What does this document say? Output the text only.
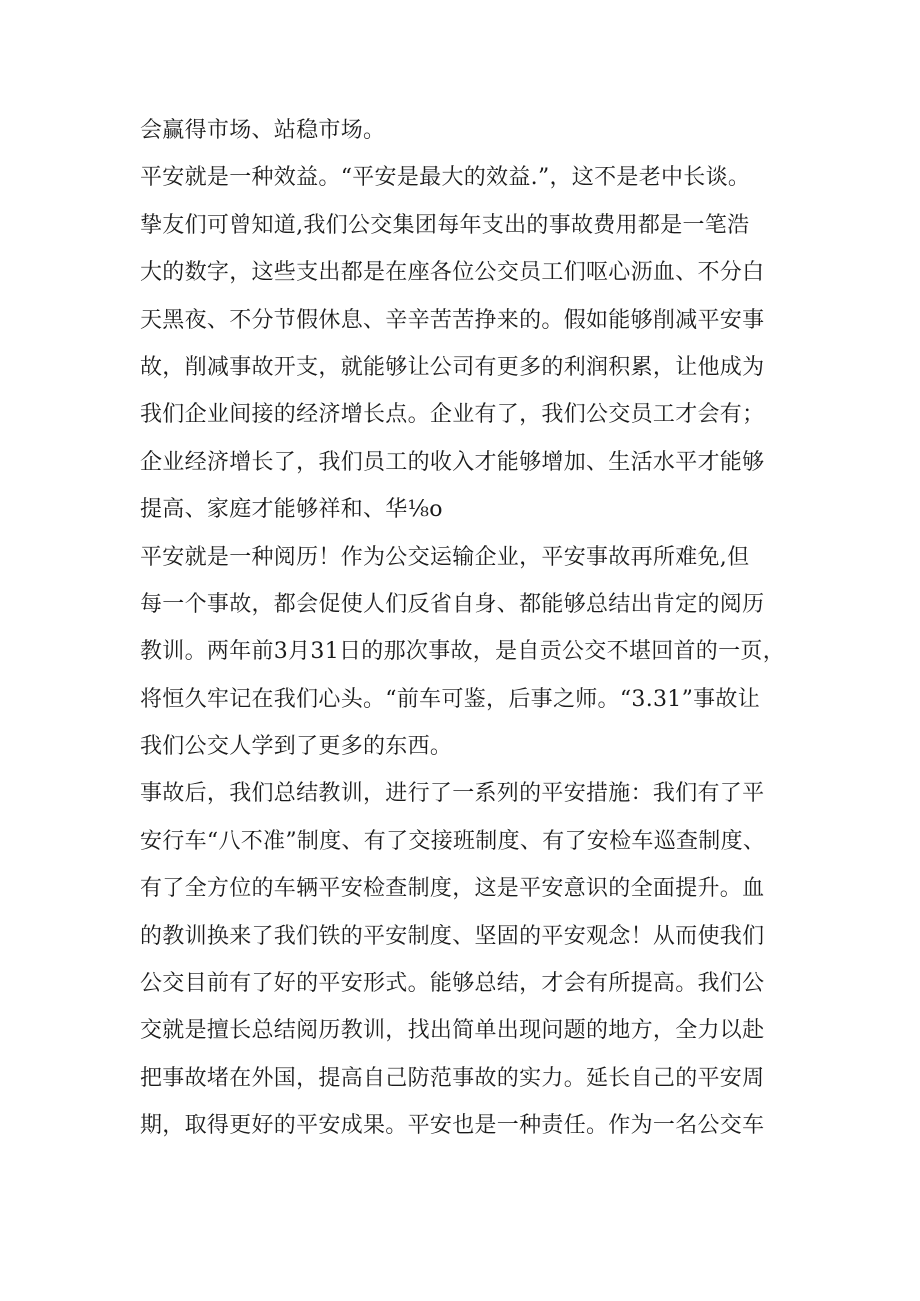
会赢得市场、站稳市场。
平安就是一种效益。“平安是最大的效益.”，这不是老中长谈。
挚友们可曾知道,我们公交集团每年支出的事故费用都是一笔浩
大的数字，这些支出都是在座各位公交员工们呕心沥血、不分白
天黑夜、不分节假休息、辛辛苦苦挣来的。假如能够削减平安事
故，削减事故开支，就能够让公司有更多的利润积累，让他成为
我们企业间接的经济增长点。企业有了，我们公交员工才会有；
企业经济增长了，我们员工的收入才能够增加、生活水平才能够
提高、家庭才能够祥和、华⅛o
平安就是一种阅历！作为公交运输企业，平安事故再所难免,但
每一个事故，都会促使人们反省自身、都能够总结出肯定的阅历
教训。两年前3月31日的那次事故，是自贡公交不堪回首的一页，
将恒久牢记在我们心头。“前车可鉴，后事之师。“3.31”事故让
我们公交人学到了更多的东西。
事故后，我们总结教训，进行了一系列的平安措施：我们有了平
安行车“八不准”制度、有了交接班制度、有了安检车巡查制度、
有了全方位的车辆平安检查制度，这是平安意识的全面提升。血
的教训换来了我们铁的平安制度、坚固的平安观念！从而使我们
公交目前有了好的平安形式。能够总结，才会有所提高。我们公
交就是擅长总结阅历教训，找出简单出现问题的地方，全力以赴
把事故堵在外国，提高自己防范事故的实力。延长自己的平安周
期，取得更好的平安成果。平安也是一种责任。作为一名公交车
